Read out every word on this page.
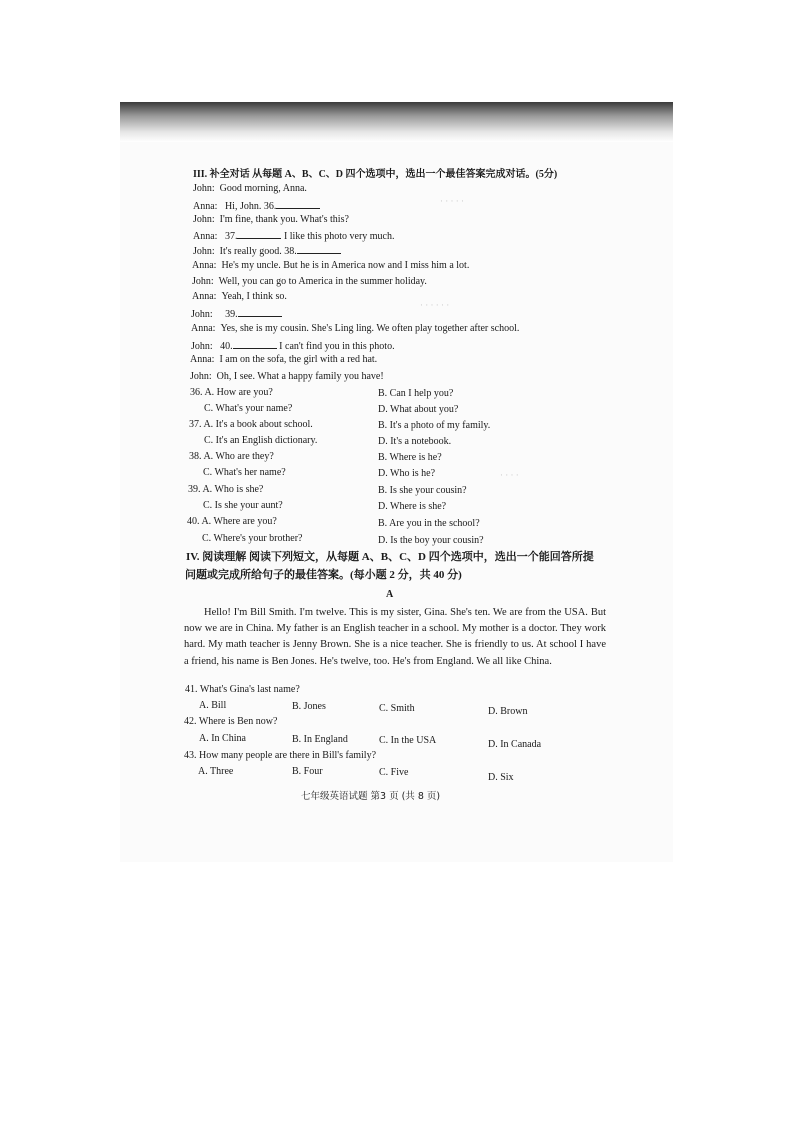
· · · · ·
· · · · · ·
· · · ·
III. 补全对话 从每题 A、B、C、D 四个选项中，选出一个最佳答案完成对话。(5分)
John: Good morning, Anna.
Anna: Hi, John. 36.
John: I'm fine, thank you. What's this?
Anna: 37.	I like this photo very much.
John: It's really good. 38.
Anna: He's my uncle. But he is in America now and I miss him a lot.
John: Well, you can go to America in the summer holiday.
Anna: Yeah, I think so.
John: 39.
Anna: Yes, she is my cousin. She's Ling ling. We often play together after school.
John: 40.	I can't find you in this photo.
Anna: I am on the sofa, the girl with a red hat.
John: Oh, I see. What a happy family you have!
36. A. How are you?	B. Can I help you?
C. What's your name?	D. What about you?
37. A. It's a book about school.	B. It's a photo of my family.
C. It's an English dictionary.	D. It's a notebook.
38. A. Who are they?	B. Where is he?
C. What's her name?	D. Who is he?
39. A. Who is she?	B. Is she your cousin?
C. Is she your aunt?	D. Where is she?
40. A. Where are you?	B. Are you in the school?
C. Where's your brother?	D. Is the boy your cousin?
IV. 阅读理解 阅读下列短文，从每题 A、B、C、D 四个选项中，选出一个能回答所提
问题或完成所给句子的最佳答案。(每小题 2 分，共 40 分)
A
Hello! I'm Bill Smith. I'm twelve. This is my sister, Gina. She's ten. We are from the USA. But now we are in China. My father is an English teacher in a school. My mother is a doctor. They work hard. My math teacher is Jenny Brown. She is a nice teacher. She is friendly to us. At school I have a friend, his name is Ben Jones. He's twelve, too. He's from England. We all like China.
41. What's Gina's last name?
A. Bill	B. Jones	C. Smith	D. Brown
42. Where is Ben now?
A. In China	B. In England	C. In the USA	D. In Canada
43. How many people are there in Bill's family?
A. Three	B. Four	C. Five	D. Six
七年级英语试题 第3 页 (共 8 页)
